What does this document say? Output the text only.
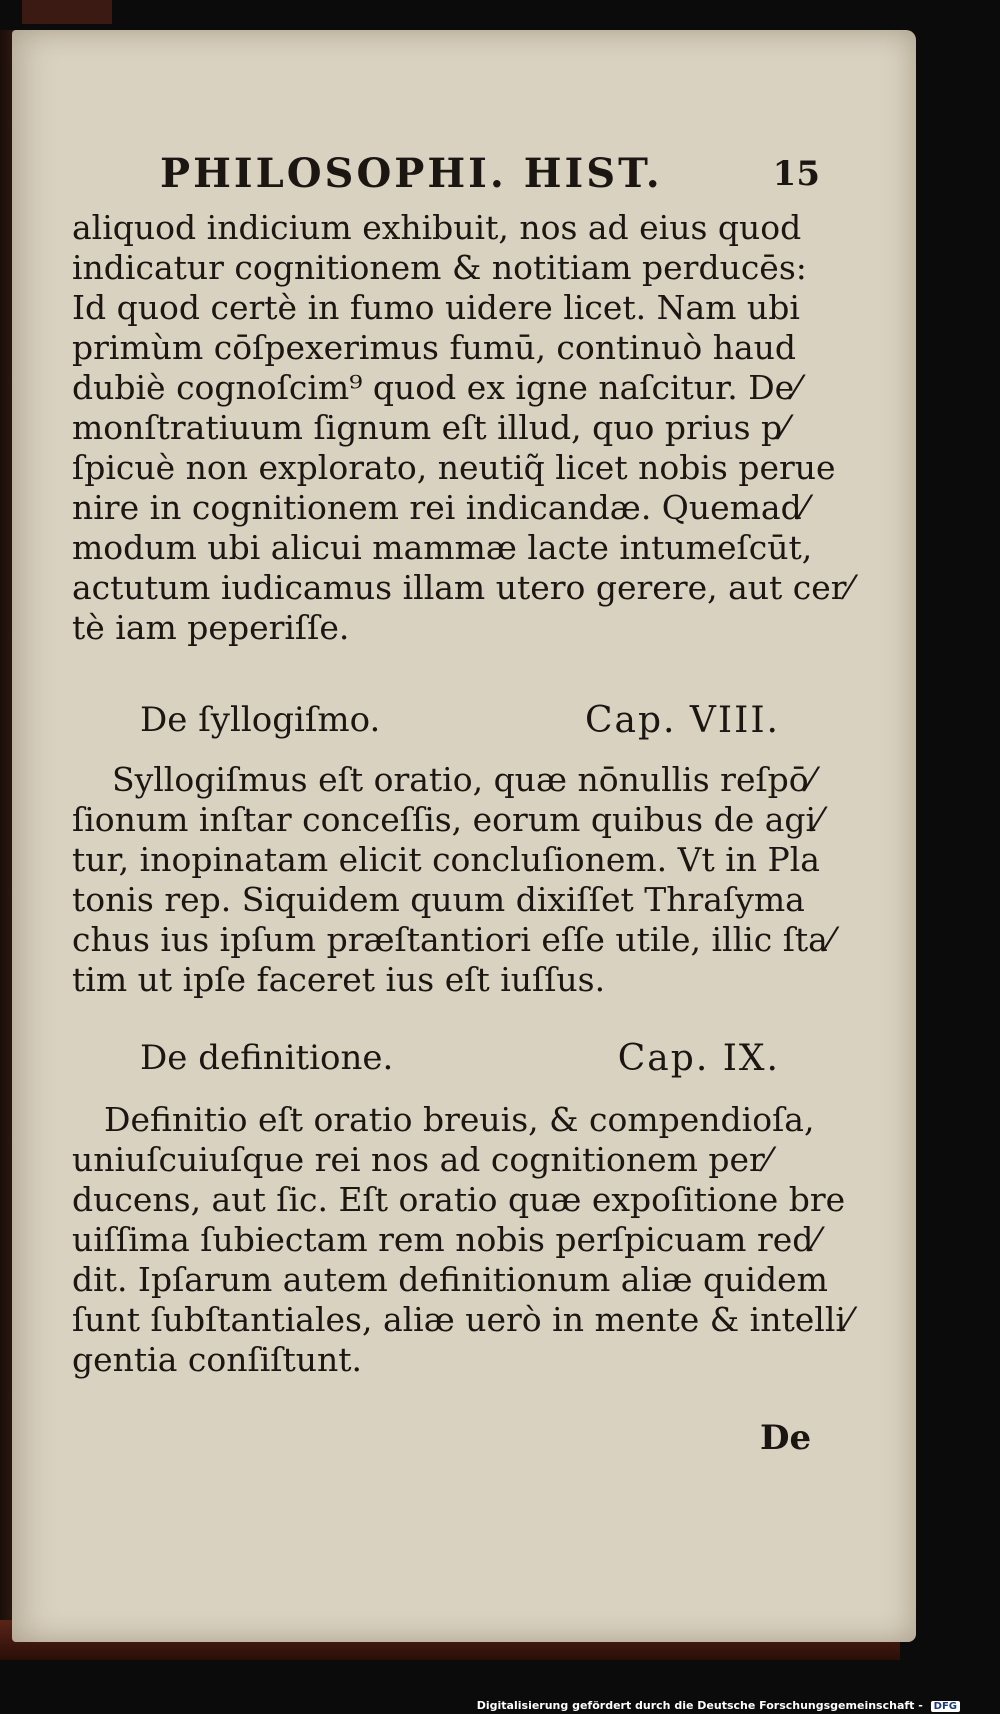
PHILOSOPHI. HIST.	15
aliquod indicium exhibuit, nos ad eius quod
indicatur cognitionem & notitiam perducēs:
Id quod certè in fumo uidere licet. Nam ubi
primùm cōſpexerimus fumū, continuò haud
dubiè cognoſcim⁹ quod ex igne naſcitur. De⁄
monſtratiuum ſignum eſt illud, quo prius p⁄
ſpicuè non explorato, neutiq̃ licet nobis perue
nire in cognitionem rei indicandæ. Quemad⁄
modum ubi alicui mammæ lacte intumeſcūt,
actutum iudicamus illam utero gerere, aut cer⁄
tè iam peperiſſe.
De ſyllogiſmo.	Cap. VIII.
Syllogiſmus eſt oratio, quæ nōnullis reſpō⁄
ſionum inſtar conceſſis, eorum quibus de agi⁄
tur, inopinatam elicit concluſionem. Vt in Pla
tonis rep. Siquidem quum dixiſſet Thraſyma
chus ius ipſum præſtantiori eſſe utile, illic ſta⁄
tim ut ipſe faceret ius eſt iuſſus.
De definitione.	Cap. IX.
Definitio eſt oratio breuis, & compendioſa,
uniuſcuiuſque rei nos ad cognitionem per⁄
ducens, aut ſic. Eſt oratio quæ expoſitione bre
uiſſima ſubiectam rem nobis perſpicuam red⁄
dit. Ipſarum autem definitionum aliæ quidem
ſunt ſubſtantiales, aliæ uerò in mente & intelli⁄
gentia conſiſtunt.
De
Digitalisierung gefördert durch die Deutsche Forschungsgemeinschaft - DFG
